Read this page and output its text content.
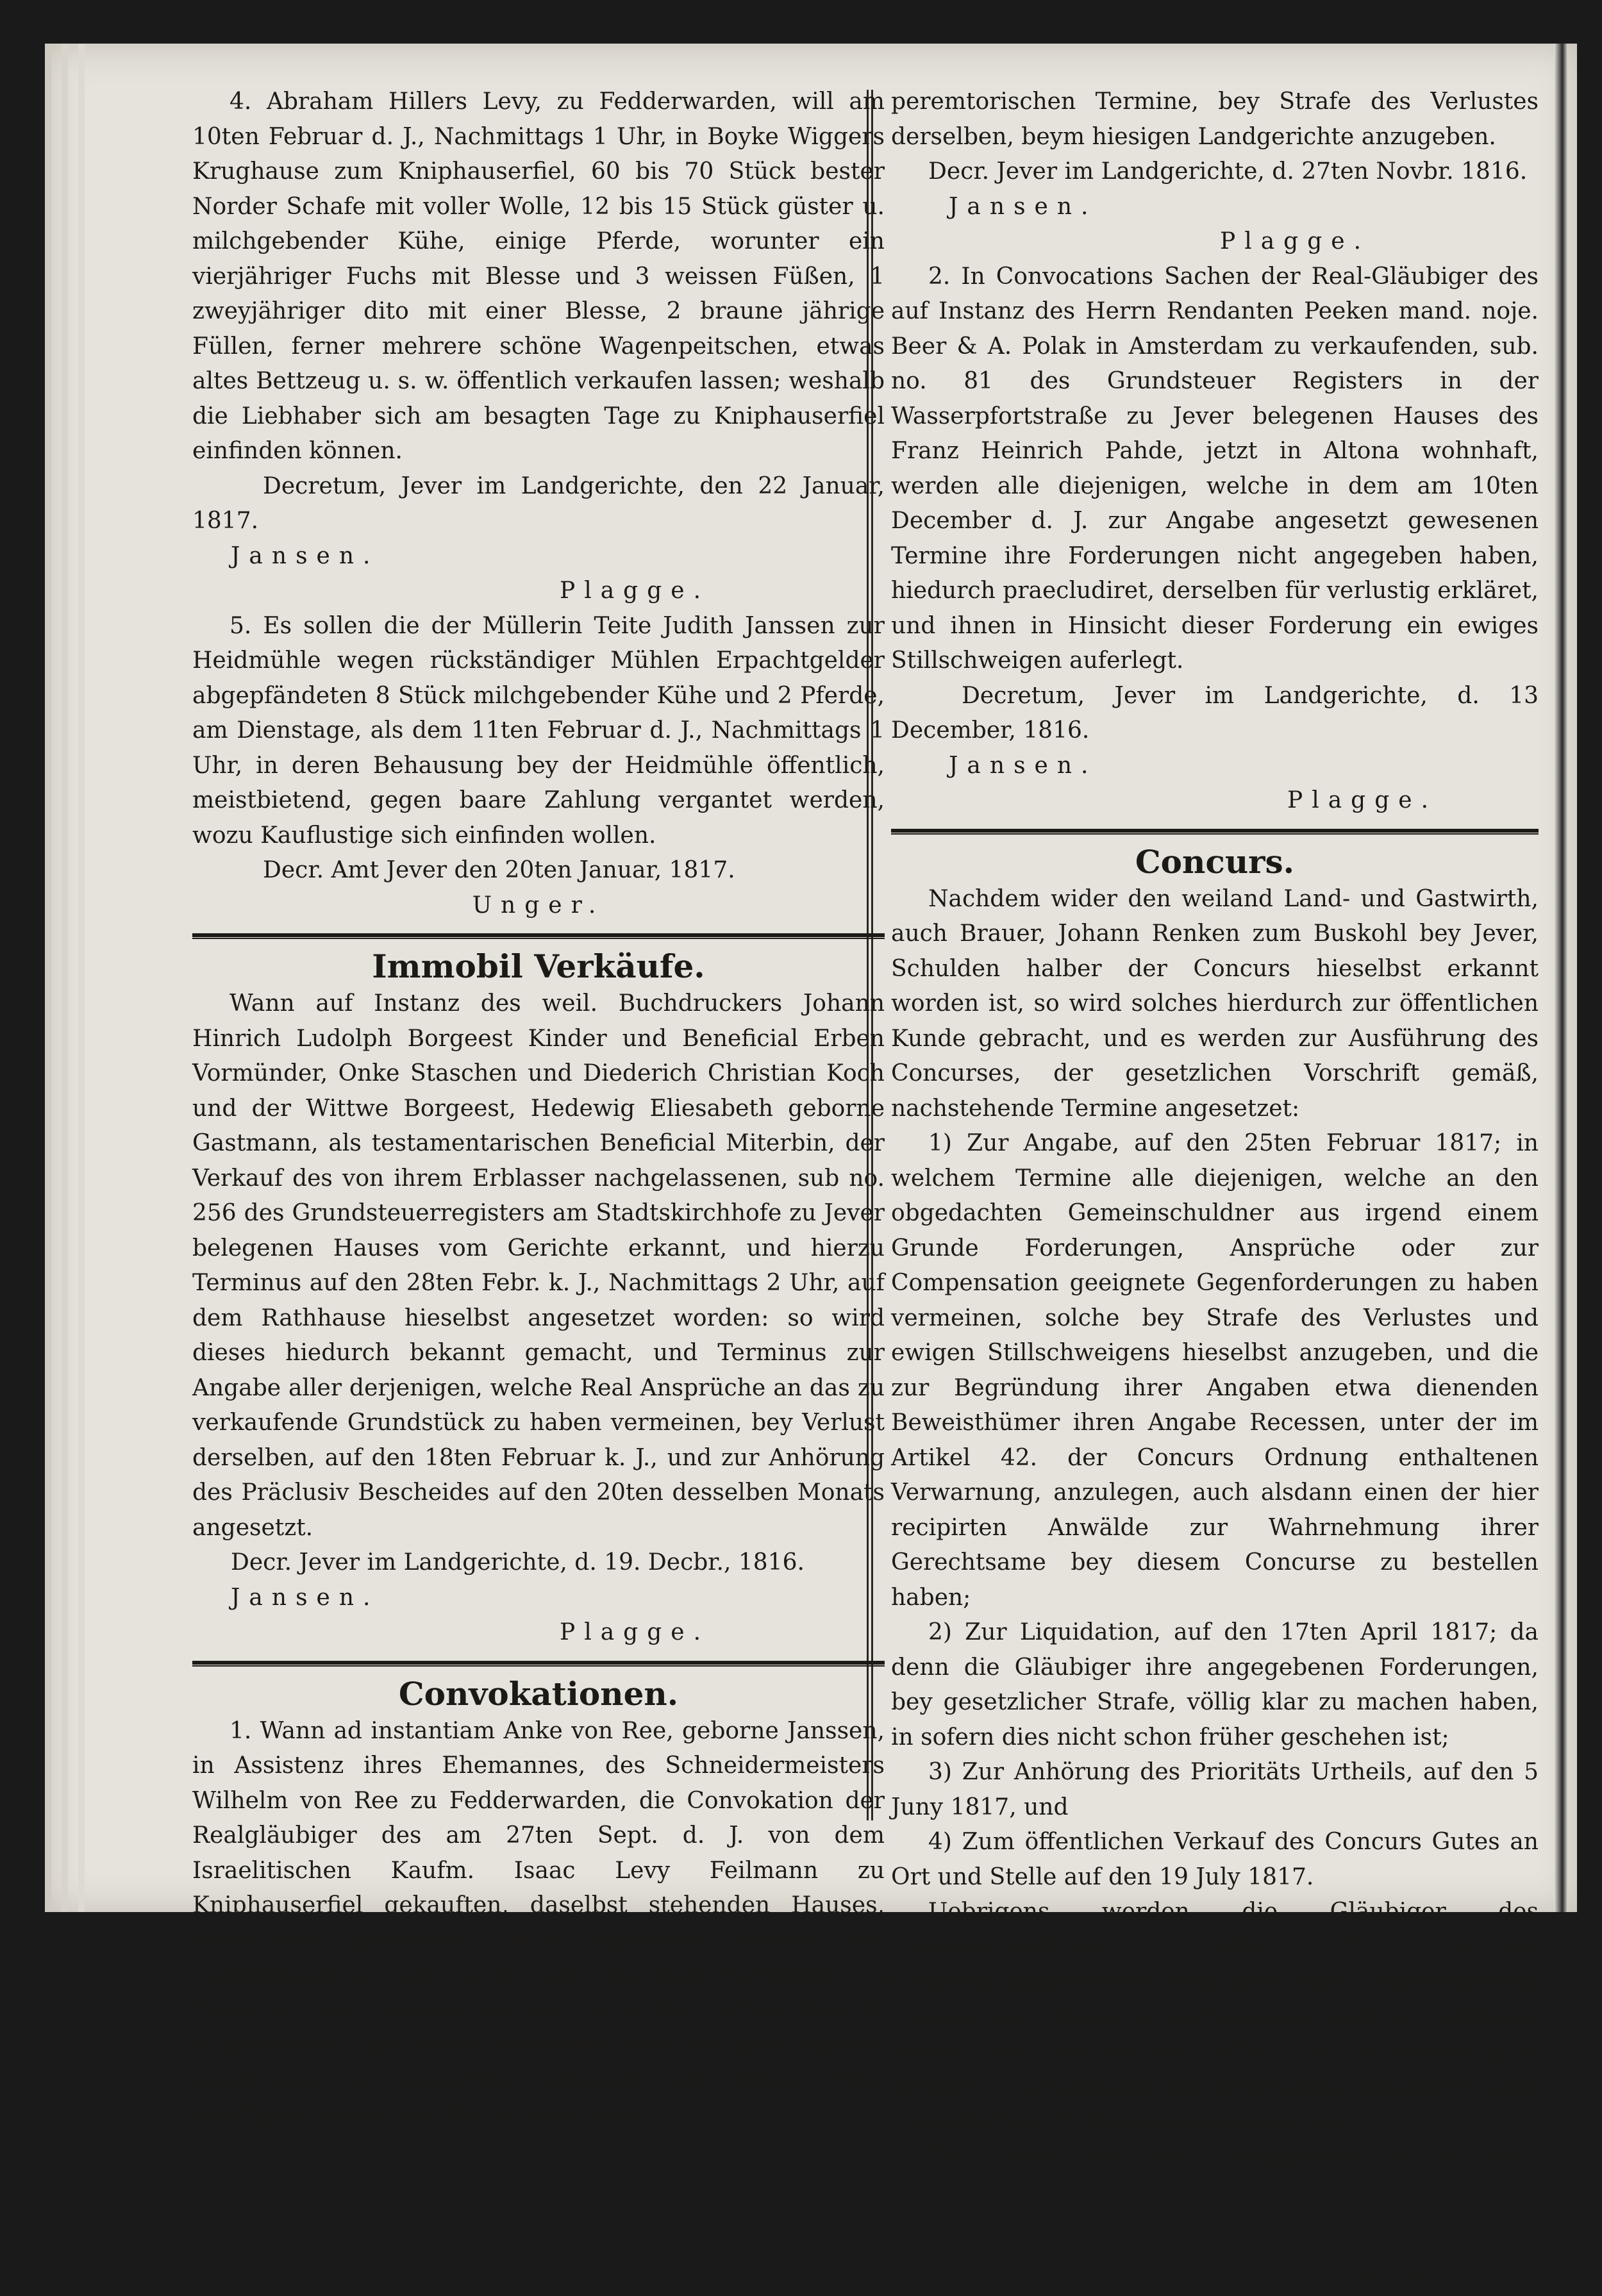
4. Abraham Hillers Levy, zu Fedderwarden, will am 10ten Februar d. J., Nachmittags 1 Uhr, in Boyke Wiggers Krughause zum Kniphauserfiel, 60 bis 70 Stück bester Norder Schafe mit voller Wolle, 12 bis 15 Stück güster u. milchgebender Kühe, einige Pferde, worunter ein vierjähriger Fuchs mit Blesse und 3 weissen Füßen, 1 zweyjähriger dito mit einer Blesse, 2 braune jährige Füllen, ferner mehrere schöne Wagenpeitschen, etwas altes Bettzeug u. s. w. öffentlich verkaufen lassen; weshalb die Liebhaber sich am besagten Tage zu Kniphauserfiel einfinden können.

Decretum, Jever im Landgerichte, den 22 Januar, 1817.

Jansen.

Plagge.

5. Es sollen die der Müllerin Teite Judith Janssen zur Heidmühle wegen rückständiger Mühlen Erpachtgelder abgepfändeten 8 Stück milchgebender Kühe und 2 Pferde, am Dienstage, als dem 11ten Februar d. J., Nachmittags 1 Uhr, in deren Behausung bey der Heidmühle öffentlich, meistbietend, gegen baare Zahlung vergantet werden, wozu Kauflustige sich einfinden wollen.

Decr. Amt Jever den 20ten Januar, 1817.

Unger.

Immobil Verkäufe.

Wann auf Instanz des weil. Buchdruckers Johann Hinrich Ludolph Borgeest Kinder und Beneficial Erben Vormünder, Onke Staschen und Diederich Christian Koch und der Wittwe Borgeest, Hedewig Eliesabeth geborne Gastmann, als testamentarischen Beneficial Miterbin, der Verkauf des von ihrem Erblasser nachgelassenen, sub no. 256 des Grundsteuerregisters am Stadtskirchhofe zu Jever belegenen Hauses vom Gerichte erkannt, und hierzu Terminus auf den 28ten Febr. k. J., Nachmittags 2 Uhr, auf dem Rathhause hieselbst angesetzet worden: so wird dieses hiedurch bekannt gemacht, und Terminus zur Angabe aller derjenigen, welche Real Ansprüche an das zu verkaufende Grundstück zu haben vermeinen, bey Verlust derselben, auf den 18ten Februar k. J., und zur Anhörung des Präclusiv Bescheides auf den 20ten desselben Monats angesetzt.

Decr. Jever im Landgerichte, d. 19. Decbr., 1816.

Jansen.

Plagge.

Convokationen.

1. Wann ad instantiam Anke von Ree, geborne Janssen, in Assistenz ihres Ehemannes, des Schneidermeisters Wilhelm von Ree zu Fedderwarden, die Convokation der Realgläubiger des am 27ten Sept. d. J. von dem Israelitischen Kaufm. Isaac Levy Feilmann zu Kniphauserfiel gekauften, daselbst stehenden Hauses, nebst dazu gehörigen Garten Staketten, Kirchen und Lägerstellen in der Kirche und auf dem Kirchhofe zu Fedderwarden, erkannt worden: so werden selbige hiermit aufgefordert, ihre etwa habenden real- und privilegirten Ansprüche an gedachtes Immobil am 18ten Febr. künftigen Jahres, als dem angesetzten

peremtorischen Termine, bey Strafe des Verlustes derselben, beym hiesigen Landgerichte anzugeben.

Decr. Jever im Landgerichte, d. 27ten Novbr. 1816.

Jansen.

Plagge.

2. In Convocations Sachen der Real-Gläubiger des auf Instanz des Herrn Rendanten Peeken mand. noje. Beer & A. Polak in Amsterdam zu verkaufenden, sub. no. 81 des Grundsteuer Registers in der Wasserpfortstraße zu Jever belegenen Hauses des Franz Heinrich Pahde, jetzt in Altona wohnhaft, werden alle diejenigen, welche in dem am 10ten December d. J. zur Angabe angesetzt gewesenen Termine ihre Forderungen nicht angegeben haben, hiedurch praecludiret, derselben für verlustig erkläret, und ihnen in Hinsicht dieser Forderung ein ewiges Stillschweigen auferlegt.

Decretum, Jever im Landgerichte, d. 13 December, 1816.

Jansen.

Plagge.

Concurs.

Nachdem wider den weiland Land- und Gastwirth, auch Brauer, Johann Renken zum Buskohl bey Jever, Schulden halber der Concurs hieselbst erkannt worden ist, so wird solches hierdurch zur öffentlichen Kunde gebracht, und es werden zur Ausführung des Concurses, der gesetzlichen Vorschrift gemäß, nachstehende Termine angesetzet:

1) Zur Angabe, auf den 25ten Februar 1817; in welchem Termine alle diejenigen, welche an den obgedachten Gemeinschuldner aus irgend einem Grunde Forderungen, Ansprüche oder zur Compensation geeignete Gegenforderungen zu haben vermeinen, solche bey Strafe des Verlustes und ewigen Stillschweigens hieselbst anzugeben, und die zur Begründung ihrer Angaben etwa dienenden Beweisthümer ihren Angabe Recessen, unter der im Artikel 42. der Concurs Ordnung enthaltenen Verwarnung, anzulegen, auch alsdann einen der hier recipirten Anwälde zur Wahrnehmung ihrer Gerechtsame bey diesem Concurse zu bestellen haben;

2) Zur Liquidation, auf den 17ten April 1817; da denn die Gläubiger ihre angegebenen Forderungen, bey gesetzlicher Strafe, völlig klar zu machen haben, in sofern dies nicht schon früher geschehen ist;

3) Zur Anhörung des Prioritäts Urtheils, auf den 5 Juny 1817, und

4) Zum öffentlichen Verkauf des Concurs Gutes an Ort und Stelle auf den 19 July 1817.

Uebrigens werden die Gläubiger des Gemeinschuldners in Gemäßheit §. 32. der Concurs Ordnung aufgefordert, sich über einen anzustellenden Curator der Masse zu vereinbaren, und ein tüchtiges Subject dazu auf den 6ten März 1817 in Vorschlag zu bringen; widrigenfalls die Bestellung desselben nach richterlichem Ermessen geschehen wird.

Decr. Jever aus dem Landgerichte, d. 14 Dec., 1816.

Jansen.

Plagge.
